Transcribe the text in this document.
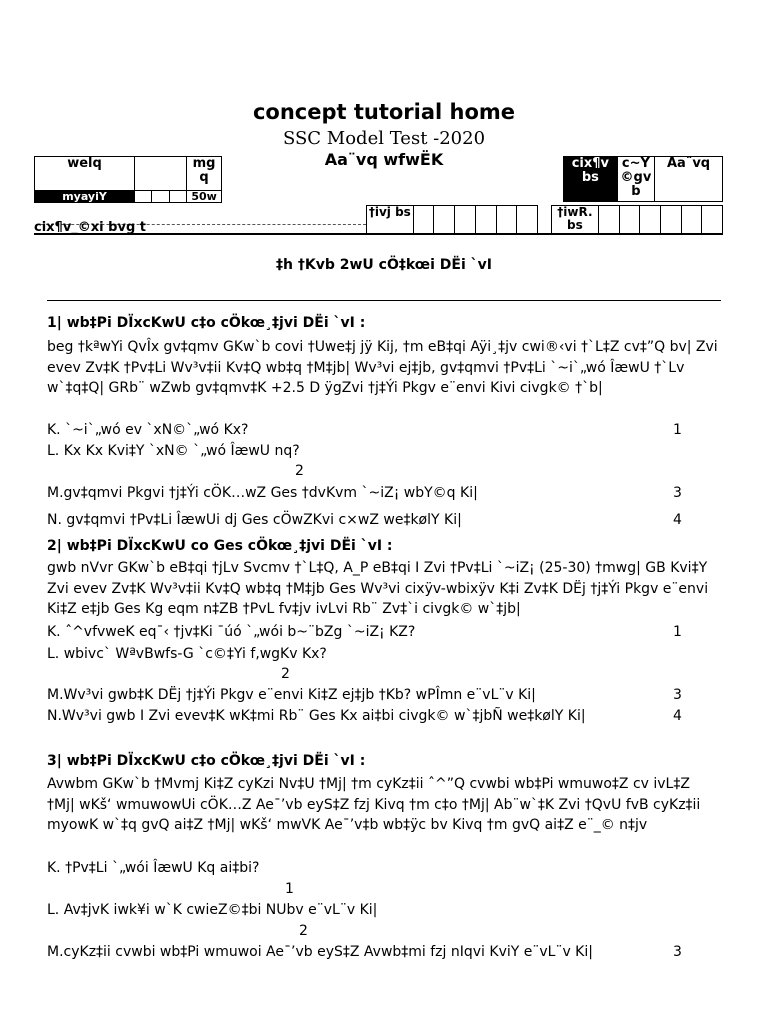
concept tutorial home
SSC Model Test -2020
Aa¨vq wfwËK
welq		mg q
myayiY		50w
cix¶v bs	c~Y ©gv b	Aa¨vq
†ivj bs							†iwR. bs						
cix¶v_©xi bvg t
‡h †Kvb 2wU cÖ‡kœi DËi `vI
1| wb‡Pi DÏxcKwU c‡o cÖkœ¸‡jvi DËi `vI :
beg †kªwYi QvÎx gv‡qmv GKw`b covi †Uwe‡j jÿ Kij, †m eB‡qi Aÿi¸‡jv cwi®‹vi †`L‡Z cv‡”Q bv| Zvi evev Zv‡K †Pv‡Li Wv³v‡ii Kv‡Q wb‡q †M‡jb| Wv³vi ej‡jb, gv‡qmvi †Pv‡Li `~i`„wó ÎæwU †`Lv w`‡q‡Q| GRb¨ wZwb gv‡qmv‡K +2.5 D ÿgZvi †j‡Ýi Pkgv e¨envi Kivi civgk© †`b|
K. `~i`„wó ev `xN©`„wó Kx?	1
L. Kx Kx Kvi‡Y `xN© `„wó ÎæwU nq?
2
M.gv‡qmvi Pkgvi †j‡Ýi cÖK…wZ Ges †dvKvm `~iZ¡ wbY©q Ki|	3
N. gv‡qmvi †Pv‡Li ÎæwUi dj Ges cÖwZKvi c×wZ we‡kølY Ki|	4
2| wb‡Pi DÏxcKwU co Ges cÖkœ¸‡jvi DËi `vI :
gwb nVvr GKw`b eB‡qi †jLv Svcmv †`L‡Q, A_P eB‡qi I Zvi †Pv‡Li `~iZ¡ (25-30) †mwg| GB Kvi‡Y Zvi evev Zv‡K Wv³v‡ii Kv‡Q wb‡q †M‡jb Ges Wv³vi cixÿv-wbixÿv K‡i Zv‡K DËj †j‡Ýi Pkgv e¨envi Ki‡Z e‡jb Ges Kg eqm n‡ZB †PvL fv‡jv ivLvi Rb¨ Zv‡`i civgk© w`‡jb|
K. ˆ^vfvweK eq¯‹ †jv‡Ki ¯úó `„wói b~¨bZg `~iZ¡ KZ?	1
L. wbivc` WªvBwfs-G `c©‡Yi f‚wgKv Kx?
2
M.Wv³vi gwb‡K DËj †j‡Ýi Pkgv e¨envi Ki‡Z ej‡jb †Kb? wPÎmn e¨vL¨v Ki|	3
N.Wv³vi gwb I Zvi evev‡K wK‡mi Rb¨ Ges Kx ai‡bi civgk© w`‡jbÑ we‡kølY Ki|	4
3| wb‡Pi DÏxcKwU c‡o cÖkœ¸‡jvi DËi `vI :
Avwbm GKw`b †Mvmj Ki‡Z cyKzi Nv‡U †Mj| †m cyKz‡ii ˆ^”Q cvwbi wb‡Pi wmuwo‡Z cv ivL‡Z †Mj| wKš‘ wmuwowUi cÖK…Z Ae¯’vb eyS‡Z fzj Kivq †m c‡o †Mj| Ab¨w`‡K Zvi †QvU fvB cyKz‡ii myowK w`‡q gvQ ai‡Z †Mj| wKš‘ mwVK Ae¯’v‡b wb‡ÿc bv Kivq †m gvQ ai‡Z e¨_© n‡jv
K. †Pv‡Li `„wói ÎæwU Kq ai‡bi?
1
L. Av‡jvK iwk¥i w`K cwieZ©‡bi NUbv e¨vL¨v Ki|
2
M.cyKz‡ii cvwbi wb‡Pi wmuwoi Ae¯’vb eyS‡Z Avwb‡mi fzj nIqvi KviY e¨vL¨v Ki|	3
